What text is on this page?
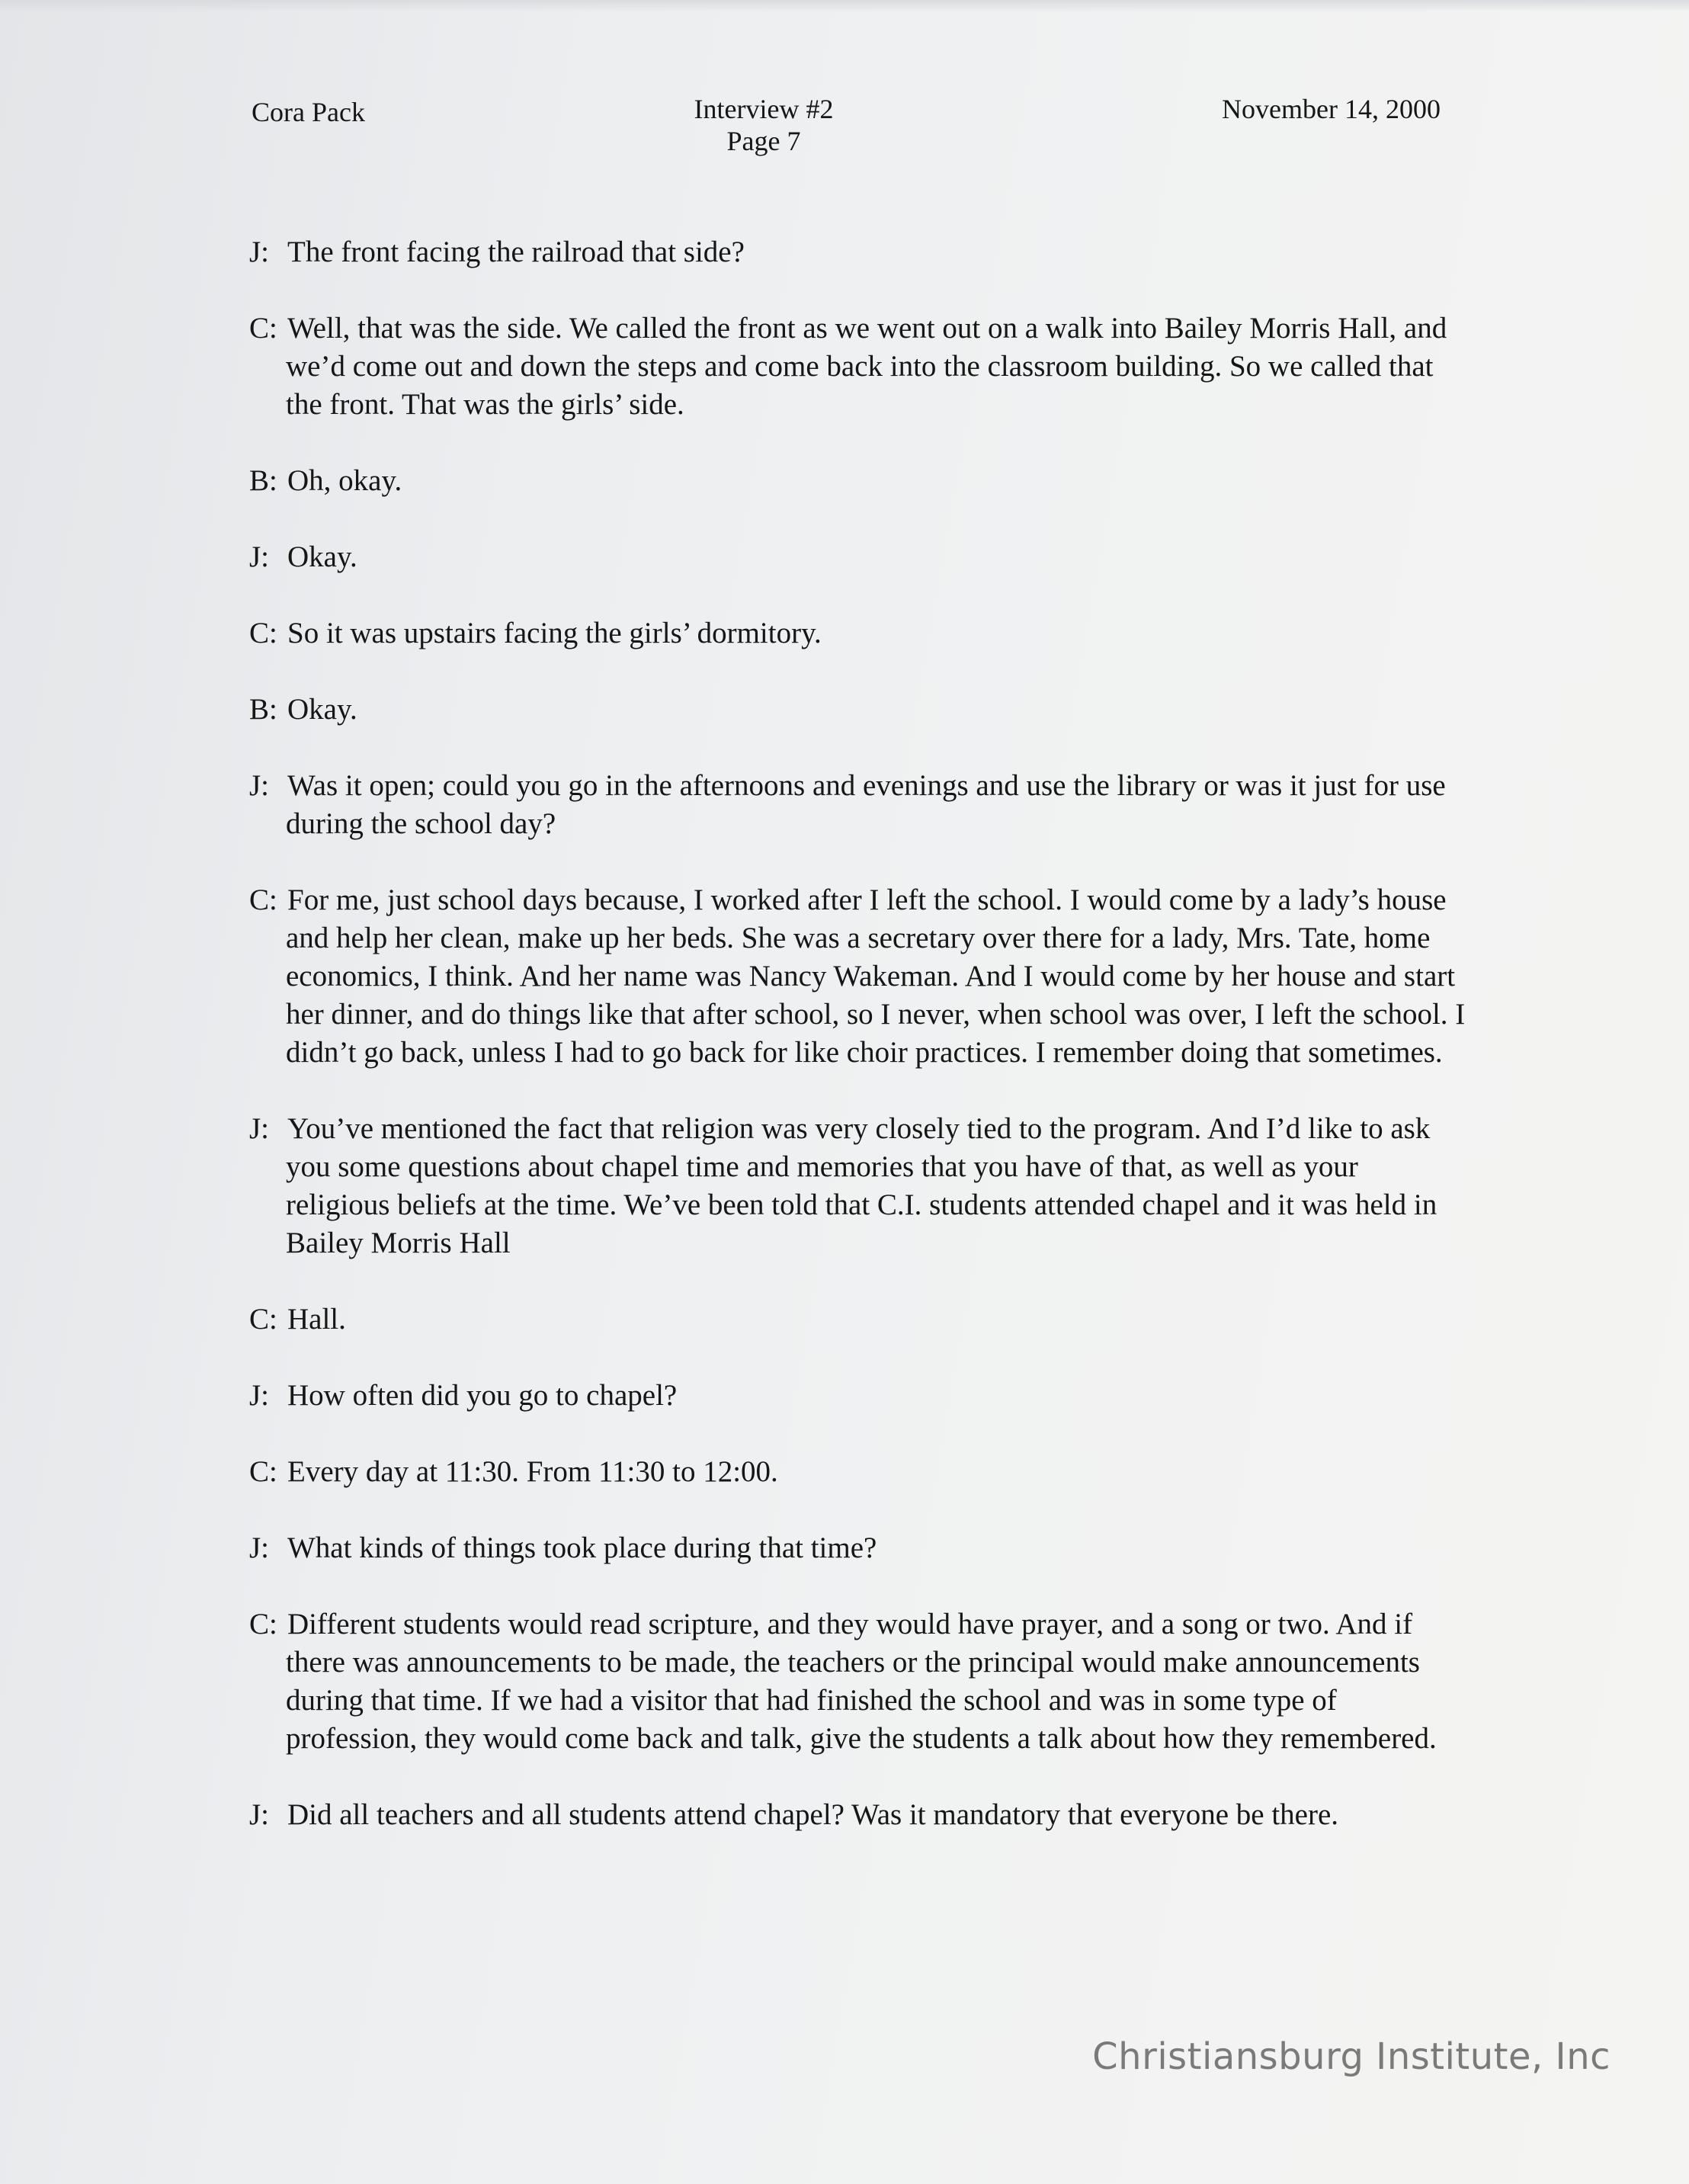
Cora Pack	Interview #2
Page 7
November 14, 2000

J: The front facing the railroad that side?

C: Well, that was the side. We called the front as we went out on a walk into Bailey Morris Hall, and we’d come out and down the steps and come back into the classroom building. So we called that the front. That was the girls’ side.

B: Oh, okay.

J: Okay.

C: So it was upstairs facing the girls’ dormitory.

B: Okay.

J: Was it open; could you go in the afternoons and evenings and use the library or was it just for use during the school day?

C: For me, just school days because, I worked after I left the school. I would come by a lady’s house and help her clean, make up her beds. She was a secretary over there for a lady, Mrs. Tate, home economics, I think. And her name was Nancy Wakeman. And I would come by her house and start her dinner, and do things like that after school, so I never, when school was over, I left the school. I didn’t go back, unless I had to go back for like choir practices. I remember doing that sometimes.

J: You’ve mentioned the fact that religion was very closely tied to the program. And I’d like to ask you some questions about chapel time and memories that you have of that, as well as your religious beliefs at the time. We’ve been told that C.I. students attended chapel and it was held in Bailey Morris Hall

C: Hall.

J: How often did you go to chapel?

C: Every day at 11:30. From 11:30 to 12:00.

J: What kinds of things took place during that time?

C: Different students would read scripture, and they would have prayer, and a song or two. And if there was announcements to be made, the teachers or the principal would make announcements during that time. If we had a visitor that had finished the school and was in some type of profession, they would come back and talk, give the students a talk about how they remembered.

J: Did all teachers and all students attend chapel? Was it mandatory that everyone be there.

Christiansburg Institute, Inc
